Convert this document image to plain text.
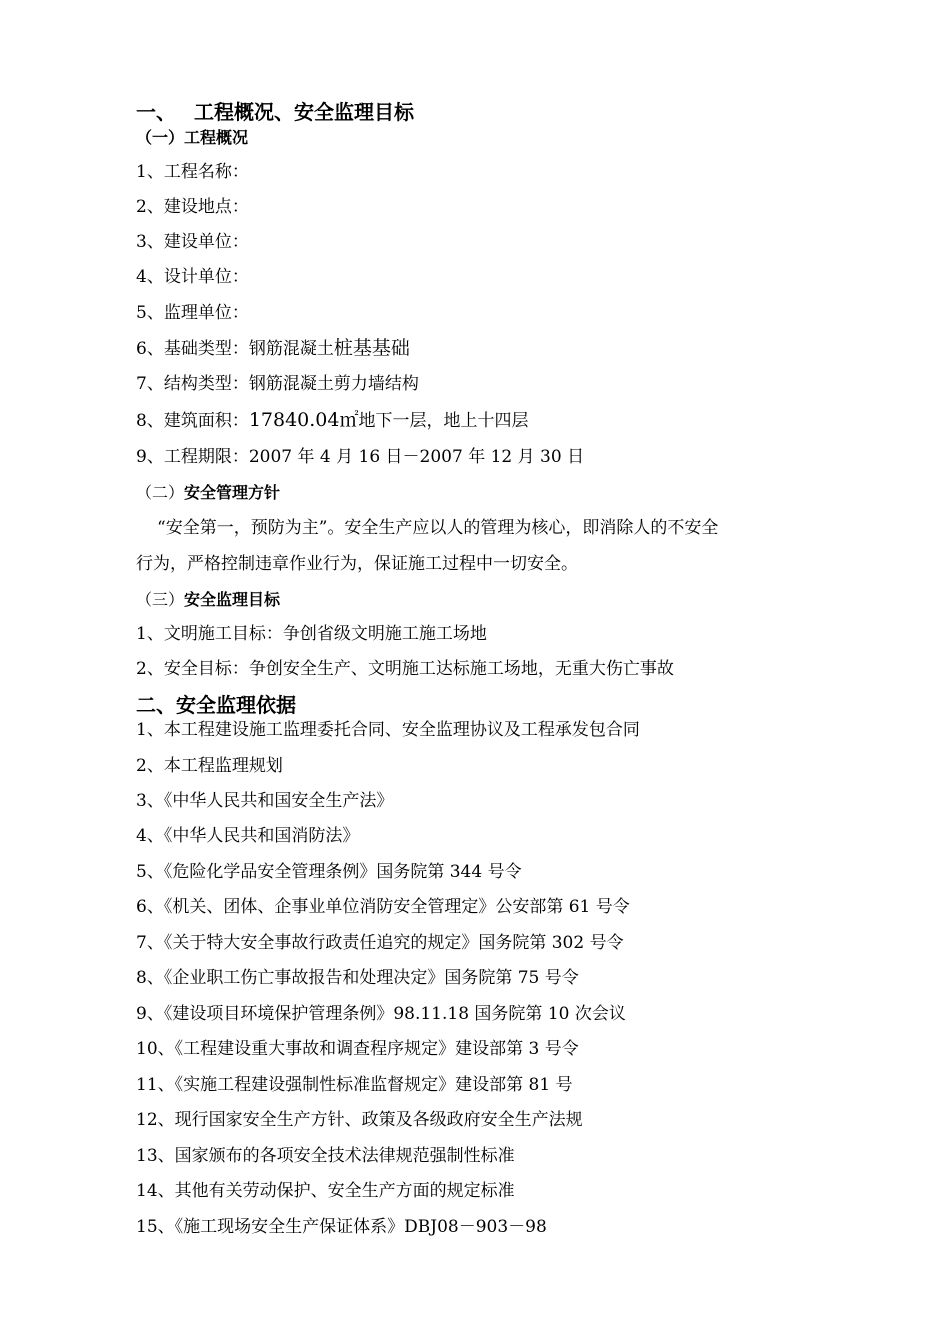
一、 工程概况、安全监理目标
（一）工程概况
1、工程名称：
2、建设地点：
3、建设单位：
4、设计单位：
5、监理单位：
6、基础类型：钢筋混凝土桩基基础
7、结构类型：钢筋混凝土剪力墙结构
8、建筑面积：17840.04㎡地下一层，地上十四层
9、工程期限：2007 年 4 月 16 日－2007 年 12 月 30 日
（二）安全管理方针
“安全第一，预防为主”。安全生产应以人的管理为核心，即消除人的不安全
行为，严格控制违章作业行为，保证施工过程中一切安全。
（三）安全监理目标
1、文明施工目标：争创省级文明施工施工场地
2、安全目标：争创安全生产、文明施工达标施工场地，无重大伤亡事故
二、安全监理依据
1、本工程建设施工监理委托合同、安全监理协议及工程承发包合同
2、本工程监理规划
3、《中华人民共和国安全生产法》
4、《中华人民共和国消防法》
5、《危险化学品安全管理条例》国务院第 344 号令
6、《机关、团体、企事业单位消防安全管理定》公安部第 61 号令
7、《关于特大安全事故行政责任追究的规定》国务院第 302 号令
8、《企业职工伤亡事故报告和处理决定》国务院第 75 号令
9、《建设项目环境保护管理条例》98.11.18 国务院第 10 次会议
10、《工程建设重大事故和调查程序规定》建设部第 3 号令
11、《实施工程建设强制性标准监督规定》建设部第 81 号
12、现行国家安全生产方针、政策及各级政府安全生产法规
13、国家颁布的各项安全技术法律规范强制性标准
14、其他有关劳动保护、安全生产方面的规定标准
15、《施工现场安全生产保证体系》DBJ08－903－98
